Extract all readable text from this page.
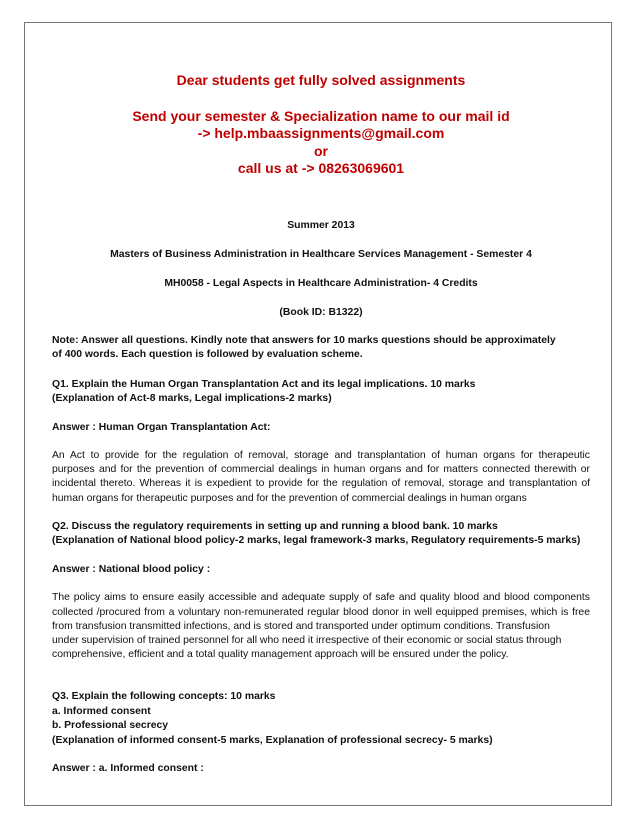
Dear students get fully solved assignments
Send your semester & Specialization name to our mail id
-> help.mbaassignments@gmail.com
or
call us at -> 08263069601
Summer 2013
Masters of Business Administration in Healthcare Services Management - Semester 4
MH0058 - Legal Aspects in Healthcare Administration- 4 Credits
(Book ID: B1322)
Note: Answer all questions. Kindly note that answers for 10 marks questions should be approximately
of 400 words. Each question is followed by evaluation scheme.
Q1. Explain the Human Organ Transplantation Act and its legal implications. 10 marks
(Explanation of Act-8 marks, Legal implications-2 marks)
Answer : Human Organ Transplantation Act:
An Act to provide for the regulation of removal, storage and transplantation of human organs for therapeutic purposes and for the prevention of commercial dealings in human organs and for matters connected therewith or incidental thereto. Whereas it is expedient to provide for the regulation of removal, storage and transplantation of human organs for therapeutic purposes and for the prevention of commercial dealings in human organs
Q2. Discuss the regulatory requirements in setting up and running a blood bank. 10 marks
(Explanation of National blood policy-2 marks, legal framework-3 marks, Regulatory requirements-5 marks)
Answer : National blood policy :
The policy aims to ensure easily accessible and adequate supply of safe and quality blood and blood components collected /procured from a voluntary non-remunerated regular blood donor in well equipped premises, which is free from transfusion transmitted infections, and is stored and transported under optimum conditions. Transfusion
under supervision of trained personnel for all who need it irrespective of their economic or social status through comprehensive, efficient and a total quality management approach will be ensured under the policy.
Q3. Explain the following concepts: 10 marks
a. Informed consent
b. Professional secrecy
(Explanation of informed consent-5 marks, Explanation of professional secrecy- 5 marks)
Answer : a. Informed consent :
